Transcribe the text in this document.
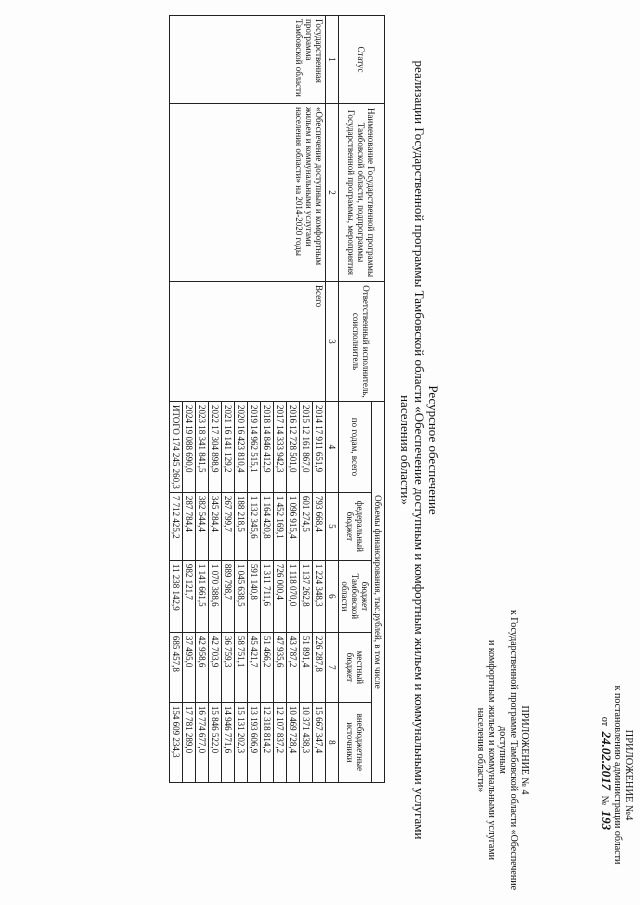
ПРИЛОЖЕНИЕ №4
к постановлению администрации области
от 24.02.2017 № 193
ПРИЛОЖЕНИЕ № 4
к Государственной программе Тамбовской области «Обеспечение доступным
и комфортным жильем и коммунальными услугами
населения области»
Ресурсное обеспечение
реализации Государственной программы Тамбовской области «Обеспечение доступным и комфортным жильем и коммунальными услугами
населения области»
Статус	Наименование Государственной программы Тамбовской области, подпрограммы Государственной программы, мероприятия	Ответственный исполнитель, соисполнитель	Объемы финансирования, тыс.рублей, в том числе				
			по годам, всего	федеральный бюджет	бюджет Тамбовской области	местный бюджет	внебюджетные источники
1	2	3	4	5	6	7	8
Государственная программа Тамбовской области	«Обеспечение доступным и комфортным жильем и коммунальными услугами населения области» на 2014-2020 годы	Всего	2014 17 911 651,9	793 668,4	1 224 348,3	226 287,8	15 667 347,4
			2015 12 161 867,0	601 274,5	1 137 262,8	51 891,4	10 371 438,3
			2016 12 728 501,0	1 096 915,4	1 118 070,0	43 787,2	10 469 728,4
			2017 14 333 942,3	1 452 169,1	726 000,4	47 935,6	12 107 837,2
			2018 14 846 412,9	1 164 420,8	1 311 711,6	51 466,2	12 318 814,2
			2019 14 962 515,1	1 132 345,6	591 140,8	45 421,7	13 193 606,9
			2020 16 423 810,4	188 218,5	1 045 638,5	58 751,1	15 131 202,3
			2021 16 141 129,2	267 799,7	889 798,7	36 759,3	14 946 771,6
			2022 17 304 898,9	345 284,4	1 070 388,6	42 703,9	15 846 522,0
			2023 18 341 841,5	382 544,4	1 141 661,5	42 958,6	16 774 677,0
			2024 19 088 690,0	287 784,4	982 121,7	37 495,0	17 781 289,0
			ИТОГО 174 245 260,3	7 712 425,2	11 238 142,9	685 457,8	154 609 234,3
